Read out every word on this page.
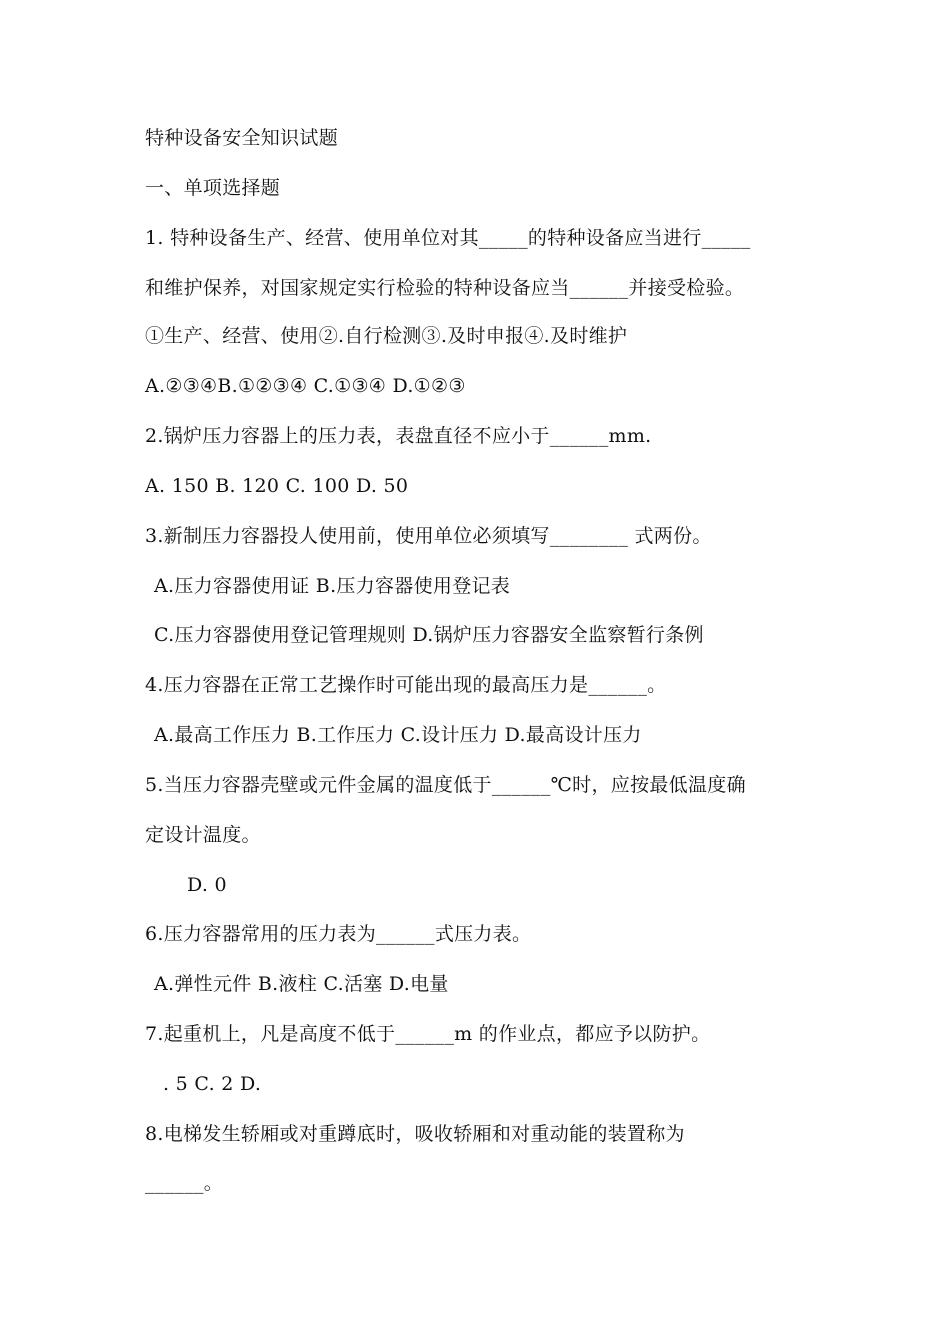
特种设备安全知识试题
一、单项选择题
1. 特种设备生产、经营、使用单位对其_____的特种设备应当进行_____
和维护保养，对国家规定实行检验的特种设备应当______并接受检验。
①生产、经营、使用②.自行检测③.及时申报④.及时维护
A.②③④B.①②③④ C.①③④ D.①②③
2.锅炉压力容器上的压力表，表盘直径不应小于______mm.
A. 150 B. 120 C. 100 D. 50
3.新制压力容器投人使用前，使用单位必须填写________ 式两份。
A.压力容器使用证 B.压力容器使用登记表
C.压力容器使用登记管理规则 D.锅炉压力容器安全监察暂行条例
4.压力容器在正常工艺操作时可能出现的最高压力是______。
A.最高工作压力 B.工作压力 C.设计压力 D.最高设计压力
5.当压力容器壳壁或元件金属的温度低于______℃时，应按最低温度确
定设计温度。
D. 0
6.压力容器常用的压力表为______式压力表。
A.弹性元件 B.液柱 C.活塞 D.电量
7.起重机上，凡是高度不低于______m 的作业点，都应予以防护。
. 5 C. 2 D.
8.电梯发生轿厢或对重蹲底时，吸收轿厢和对重动能的装置称为
______。
